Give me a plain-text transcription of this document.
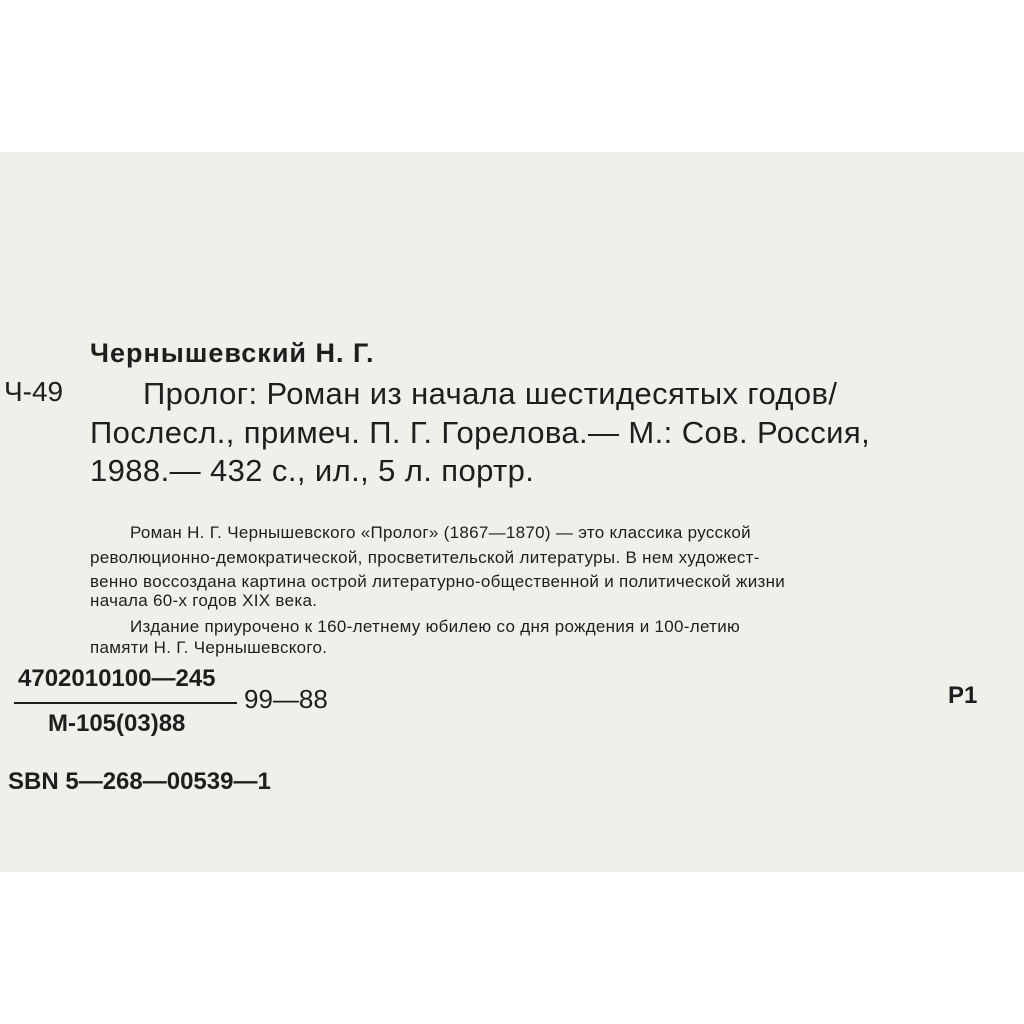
Чернышевский Н. Г.
Ч-49	Пролог: Роман из начала шестидесятых годов/
Послесл., примеч. П. Г. Горелова.— М.: Сов. Россия,
1988.— 432 с., ил., 5 л. портр.
Роман Н. Г. Чернышевского «Пролог» (1867—1870) — это классика русской
революционно-демократической, просветительской литературы. В нем художест-
венно воссоздана картина острой литературно-общественной и политической жизни
начала 60-х годов XIX века.
Издание приурочено к 160-летнему юбилею со дня рождения и 100-летию
памяти Н. Г. Чернышевского.
4702010100—245
М-105(03)88
99—88	Р1
SBN 5—268—00539—1
